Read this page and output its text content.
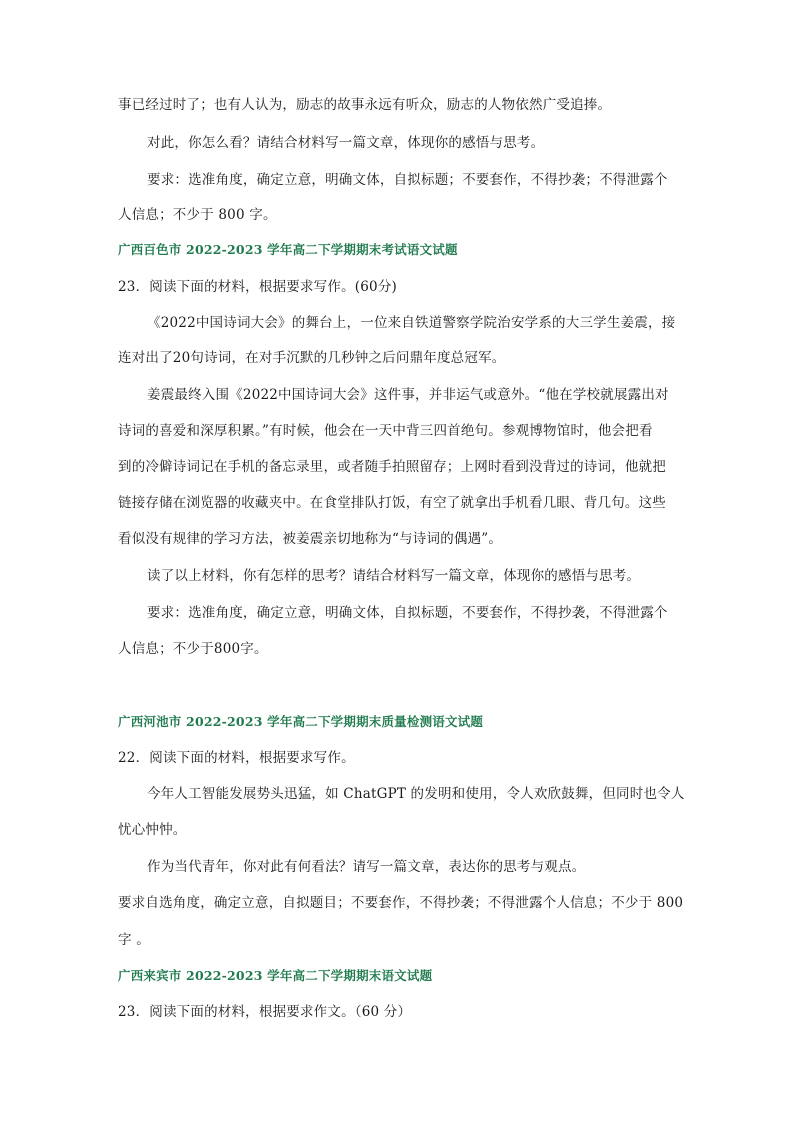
事已经过时了；也有人认为，励志的故事永远有听众，励志的人物依然广受追捧。
对此，你怎么看？请结合材料写一篇文章，体现你的感悟与思考。
要求：选准角度，确定立意，明确文体，自拟标题；不要套作，不得抄袭；不得泄露个
人信息；不少于 800 字。
广西百色市 2022-2023 学年高二下学期期末考试语文试题
23．阅读下面的材料，根据要求写作。(60分)
《2022中国诗词大会》的舞台上，一位来自铁道警察学院治安学系的大三学生姜震，接
连对出了20句诗词，在对手沉默的几秒钟之后问鼎年度总冠军。
姜震最终入围《2022中国诗词大会》这件事，并非运气或意外。“他在学校就展露出对
诗词的喜爱和深厚积累。”有时候，他会在一天中背三四首绝句。参观博物馆时，他会把看
到的冷僻诗词记在手机的备忘录里，或者随手拍照留存；上网时看到没背过的诗词，他就把
链接存储在浏览器的收藏夹中。在食堂排队打饭，有空了就拿出手机看几眼、背几句。这些
看似没有规律的学习方法，被姜震亲切地称为“与诗词的偶遇”。
读了以上材料，你有怎样的思考？请结合材料写一篇文章，体现你的感悟与思考。
要求：选准角度，确定立意，明确文体，自拟标题，不要套作，不得抄袭，不得泄露个
人信息；不少于800字。
广西河池市 2022-2023 学年高二下学期期末质量检测语文试题
22．阅读下面的材料，根据要求写作。
今年人工智能发展势头迅猛，如 ChatGPT 的发明和使用，令人欢欣鼓舞，但同时也令人
忧心忡忡。
作为当代青年，你对此有何看法？请写一篇文章，表达你的思考与观点。
要求自选角度，确定立意，自拟题目；不要套作，不得抄袭；不得泄露个人信息；不少于 800
字 。
广西来宾市 2022-2023 学年高二下学期期末语文试题
23．阅读下面的材料，根据要求作文。（60 分）
